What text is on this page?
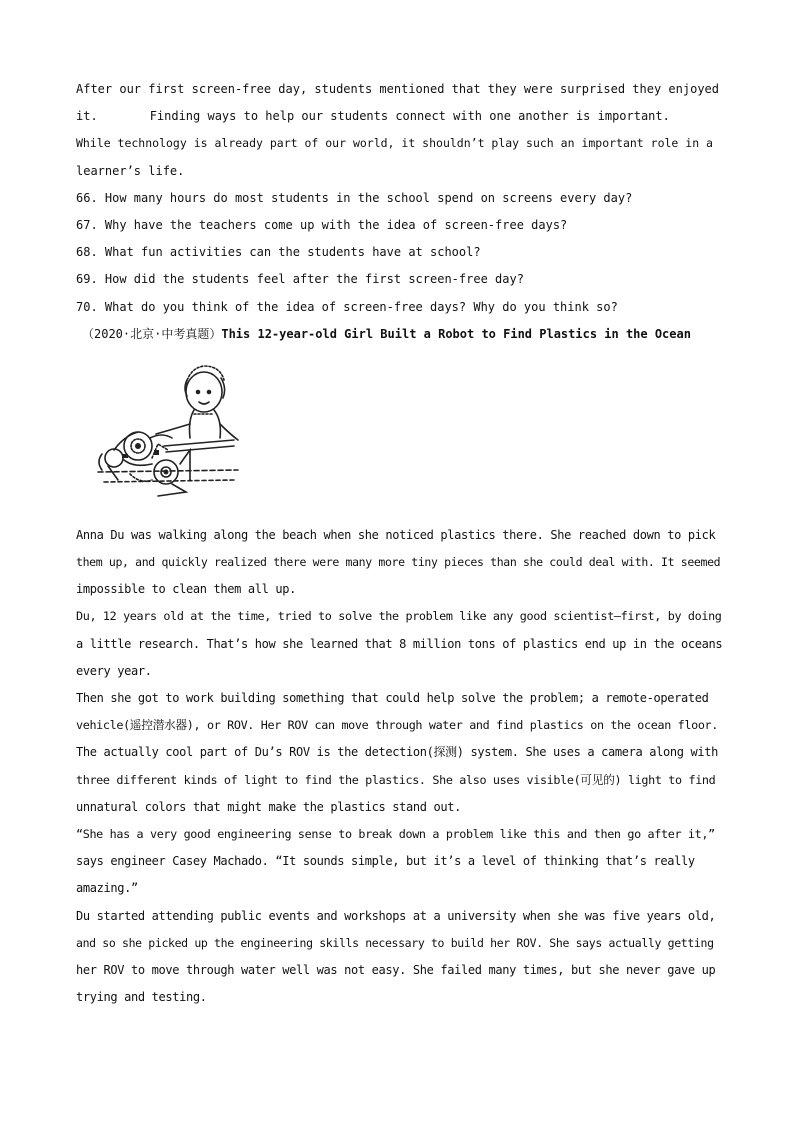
After our first screen-free day, students mentioned that they were surprised they enjoyed
it.	Finding ways to help our students connect with one another is important.
While technology is already part of our world, it shouldn’t play such an important role in a
learner’s life.
66. How many hours do most students in the school spend on screens every day?
67. Why have the teachers come up with the idea of screen-free days?
68. What fun activities can the students have at school?
69. How did the students feel after the first screen-free day?
70. What do you think of the idea of screen-free days? Why do you think so?
（2020·北京·中考真题）This 12-year-old Girl Built a Robot to Find Plastics in the Ocean
Anna Du was walking along the beach when she noticed plastics there. She reached down to pick
them up, and quickly realized there were many more tiny pieces than she could deal with. It seemed
impossible to clean them all up.
Du, 12 years old at the time, tried to solve the problem like any good scientist—first, by doing
a little research. That’s how she learned that 8 million tons of plastics end up in the oceans
every year.
Then she got to work building something that could help solve the problem; a remote-operated
vehicle(遥控潜水器), or ROV. Her ROV can move through water and find plastics on the ocean floor.
The actually cool part of Du’s ROV is the detection(探测) system. She uses a camera along with
three different kinds of light to find the plastics. She also uses visible(可见的) light to find
unnatural colors that might make the plastics stand out.
“She has a very good engineering sense to break down a problem like this and then go after it,”
says engineer Casey Machado. “It sounds simple, but it’s a level of thinking that’s really
amazing.”
Du started attending public events and workshops at a university when she was five years old,
and so she picked up the engineering skills necessary to build her ROV. She says actually getting
her ROV to move through water well was not easy. She failed many times, but she never gave up
trying and testing.
